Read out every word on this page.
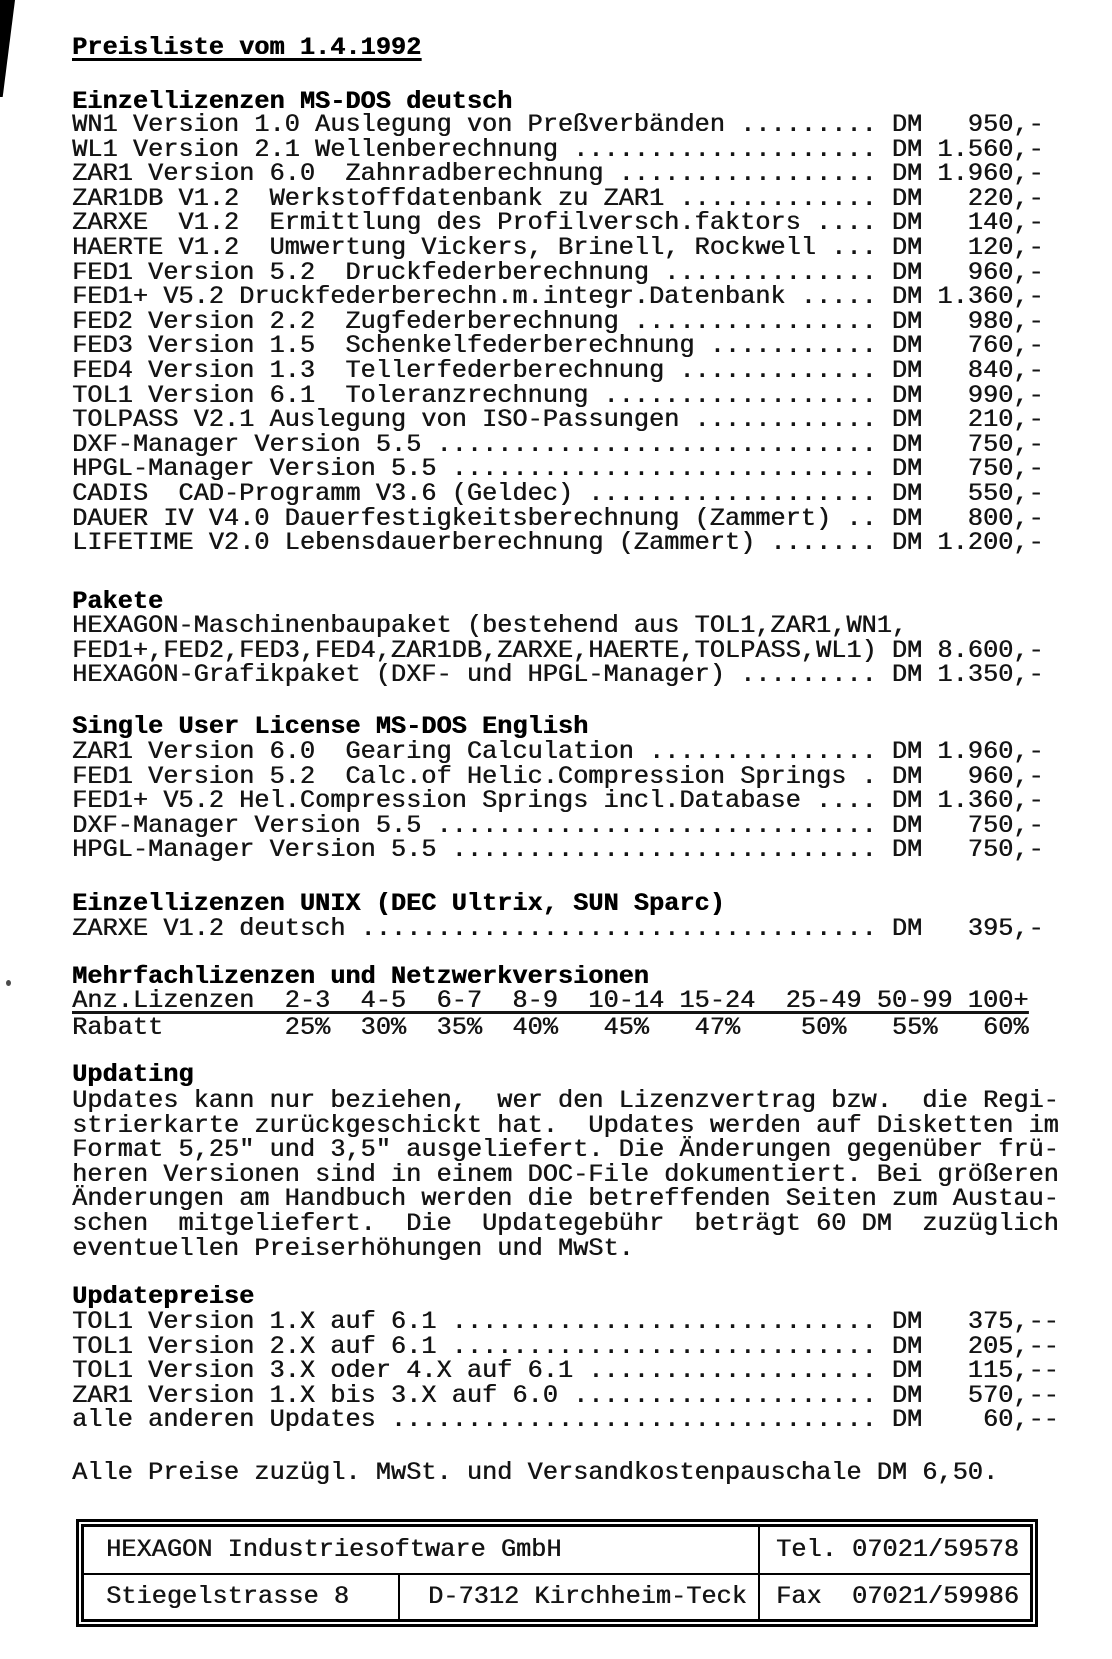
Preisliste vom 1.4.1992

Einzellizenzen MS-DOS deutsch

WN1 Version 1.0 Auslegung von Preßverbänden ......... DM   950,-
WL1 Version 2.1 Wellenberechnung .................... DM 1.560,-
ZAR1 Version 6.0  Zahnradberechnung ................. DM 1.960,-
ZAR1DB V1.2  Werkstoffdatenbank zu ZAR1 ............. DM   220,-
ZARXE  V1.2  Ermittlung des Profilversch.faktors .... DM   140,-
HAERTE V1.2  Umwertung Vickers, Brinell, Rockwell ... DM   120,-
FED1 Version 5.2  Druckfederberechnung .............. DM   960,-
FED1+ V5.2 Druckfederberechn.m.integr.Datenbank ..... DM 1.360,-
FED2 Version 2.2  Zugfederberechnung ................ DM   980,-
FED3 Version 1.5  Schenkelfederberechnung ........... DM   760,-
FED4 Version 1.3  Tellerfederberechnung ............. DM   840,-
TOL1 Version 6.1  Toleranzrechnung .................. DM   990,-
TOLPASS V2.1 Auslegung von ISO-Passungen ............ DM   210,-
DXF-Manager Version 5.5 ............................. DM   750,-
HPGL-Manager Version 5.5 ............................ DM   750,-
CADIS  CAD-Programm V3.6 (Geldec) ................... DM   550,-
DAUER IV V4.0 Dauerfestigkeitsberechnung (Zammert) .. DM   800,-
LIFETIME V2.0 Lebensdauerberechnung (Zammert) ....... DM 1.200,-

Pakete

HEXAGON-Maschinenbaupaket (bestehend aus TOL1,ZAR1,WN1,
FED1+,FED2,FED3,FED4,ZAR1DB,ZARXE,HAERTE,TOLPASS,WL1) DM 8.600,-
HEXAGON-Grafikpaket (DXF- und HPGL-Manager) ......... DM 1.350,-

Single User License MS-DOS English

ZAR1 Version 6.0  Gearing Calculation ............... DM 1.960,-
FED1 Version 5.2  Calc.of Helic.Compression Springs . DM   960,-
FED1+ V5.2 Hel.Compression Springs incl.Database .... DM 1.360,-
DXF-Manager Version 5.5 ............................. DM   750,-
HPGL-Manager Version 5.5 ............................ DM   750,-

Einzellizenzen UNIX (DEC Ultrix, SUN Sparc)

ZARXE V1.2 deutsch .................................. DM   395,-

Mehrfachlizenzen und Netzwerkversionen

Anz.Lizenzen  2-3  4-5  6-7  8-9  10-14 15-24  25-49 50-99 100+

Rabatt        25%  30%  35%  40%   45%   47%    50%   55%   60%

Updating

Updates kann nur beziehen,  wer den Lizenzvertrag bzw.  die Regi-
strierkarte zurückgeschickt hat.  Updates werden auf Disketten im
Format 5,25" und 3,5" ausgeliefert. Die Änderungen gegenüber frü-
heren Versionen sind in einem DOC-File dokumentiert. Bei größeren
Änderungen am Handbuch werden die betreffenden Seiten zum Austau-
schen  mitgeliefert.  Die  Updategebühr  beträgt 60 DM  zuzüglich
eventuellen Preiserhöhungen und MwSt.

Updatepreise

TOL1 Version 1.X auf 6.1 ............................ DM   375,--
TOL1 Version 2.X auf 6.1 ............................ DM   205,--
TOL1 Version 3.X oder 4.X auf 6.1 ................... DM   115,--
ZAR1 Version 1.X bis 3.X auf 6.0 .................... DM   570,--
alle anderen Updates ................................ DM    60,--

Alle Preise zuzügl. MwSt. und Versandkostenpauschale DM 6,50.

HEXAGON Industriesoftware GmbH	Tel. 07021/59578
Stiegelstrasse 8	D-7312 Kirchheim-Teck	Fax  07021/59986
